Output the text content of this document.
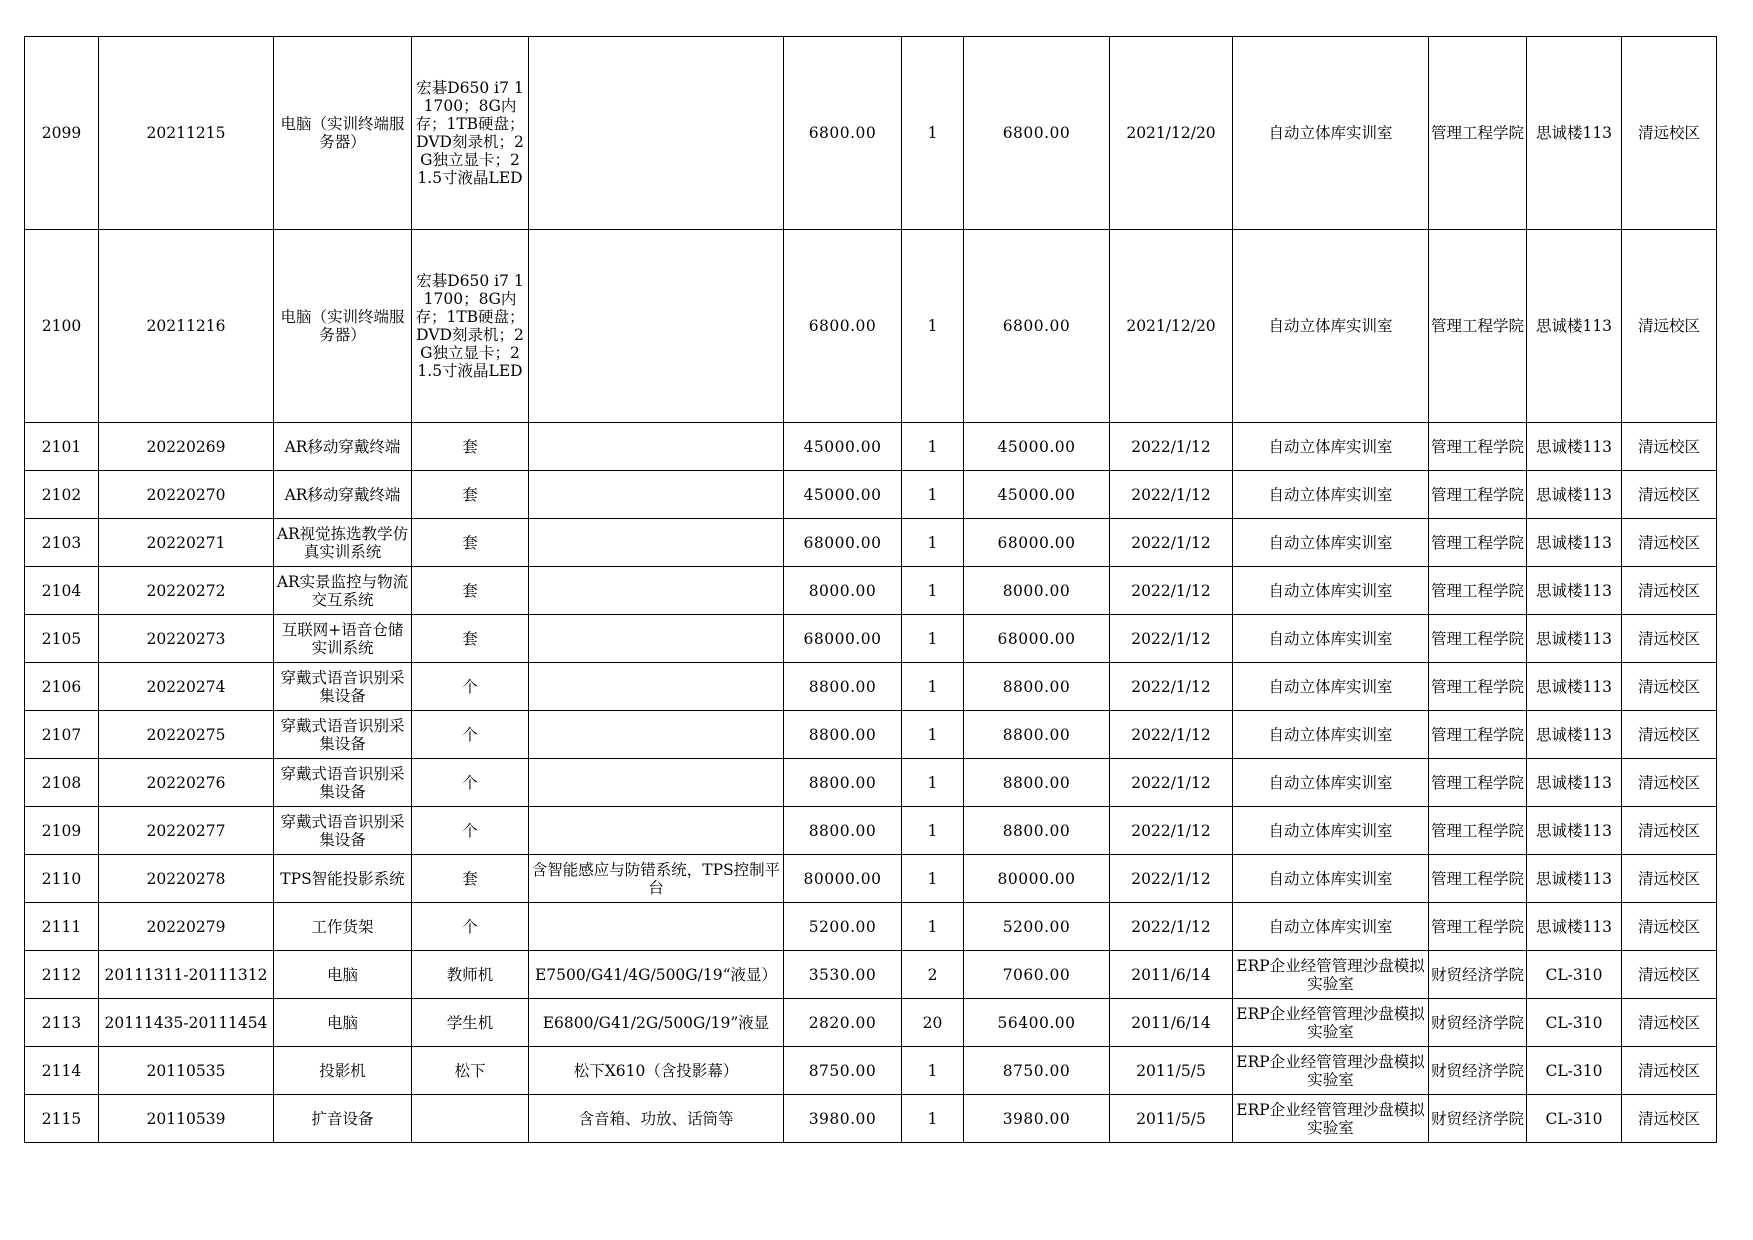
2099	20211215	电脑（实训终端服务器）	宏碁D650 i7 11700；8G内存；1TB硬盘；DVD刻录机；2G独立显卡；21.5寸液晶LED		6800.00	1	6800.00	2021/12/20	自动立体库实训室	管理工程学院	思诚楼113	清远校区
2100	20211216	电脑（实训终端服务器）	宏碁D650 i7 11700；8G内存；1TB硬盘；DVD刻录机；2G独立显卡；21.5寸液晶LED		6800.00	1	6800.00	2021/12/20	自动立体库实训室	管理工程学院	思诚楼113	清远校区
2101	20220269	AR移动穿戴终端	套		45000.00	1	45000.00	2022/1/12	自动立体库实训室	管理工程学院	思诚楼113	清远校区
2102	20220270	AR移动穿戴终端	套		45000.00	1	45000.00	2022/1/12	自动立体库实训室	管理工程学院	思诚楼113	清远校区
2103	20220271	AR视觉拣选教学仿真实训系统	套		68000.00	1	68000.00	2022/1/12	自动立体库实训室	管理工程学院	思诚楼113	清远校区
2104	20220272	AR实景监控与物流交互系统	套		8000.00	1	8000.00	2022/1/12	自动立体库实训室	管理工程学院	思诚楼113	清远校区
2105	20220273	互联网+语音仓储实训系统	套		68000.00	1	68000.00	2022/1/12	自动立体库实训室	管理工程学院	思诚楼113	清远校区
2106	20220274	穿戴式语音识别采集设备	个		8800.00	1	8800.00	2022/1/12	自动立体库实训室	管理工程学院	思诚楼113	清远校区
2107	20220275	穿戴式语音识别采集设备	个		8800.00	1	8800.00	2022/1/12	自动立体库实训室	管理工程学院	思诚楼113	清远校区
2108	20220276	穿戴式语音识别采集设备	个		8800.00	1	8800.00	2022/1/12	自动立体库实训室	管理工程学院	思诚楼113	清远校区
2109	20220277	穿戴式语音识别采集设备	个		8800.00	1	8800.00	2022/1/12	自动立体库实训室	管理工程学院	思诚楼113	清远校区
2110	20220278	TPS智能投影系统	套	含智能感应与防错系统，TPS控制平台	80000.00	1	80000.00	2022/1/12	自动立体库实训室	管理工程学院	思诚楼113	清远校区
2111	20220279	工作货架	个		5200.00	1	5200.00	2022/1/12	自动立体库实训室	管理工程学院	思诚楼113	清远校区
2112	20111311-20111312	电脑	教师机	E7500/G41/4G/500G/19“液显）	3530.00	2	7060.00	2011/6/14	ERP企业经管管理沙盘模拟实验室	财贸经济学院	CL-310	清远校区
2113	20111435-20111454	电脑	学生机	E6800/G41/2G/500G/19”液显	2820.00	20	56400.00	2011/6/14	ERP企业经管管理沙盘模拟实验室	财贸经济学院	CL-310	清远校区
2114	20110535	投影机	松下	松下X610（含投影幕）	8750.00	1	8750.00	2011/5/5	ERP企业经管管理沙盘模拟实验室	财贸经济学院	CL-310	清远校区
2115	20110539	扩音设备		含音箱、功放、话筒等	3980.00	1	3980.00	2011/5/5	ERP企业经管管理沙盘模拟实验室	财贸经济学院	CL-310	清远校区
